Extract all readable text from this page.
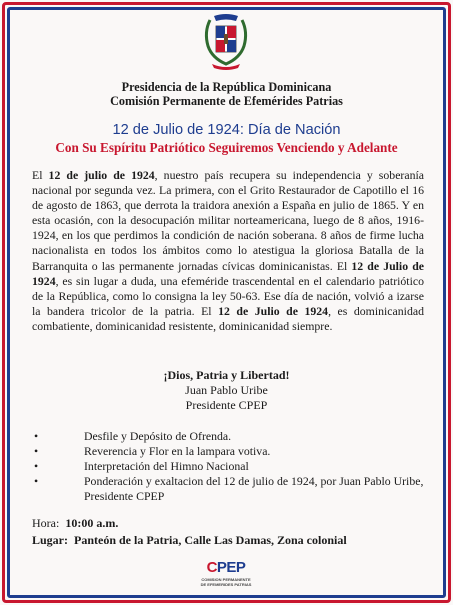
Presidencia de la República Dominicana
Comisión Permanente de Efemérides Patrias
12 de Julio de 1924: Día de Nación
Con Su Espíritu Patriótico Seguiremos Venciendo y Adelante
El 12 de julio de 1924, nuestro país recupera su independencia y soberanía nacional por segunda vez. La primera, con el Grito Restaurador de Capotillo el 16 de agosto de 1863, que derrota la traidora anexión a España en julio de 1865. Y en esta ocasión, con la desocupación militar norteamericana, luego de 8 años, 1916-1924, en los que perdimos la condición de nación soberana. 8 años de firme lucha nacionalista en todos los ámbitos como lo atestigua la gloriosa Batalla de la Barranquita o las permanente jornadas cívicas dominicanistas. El 12 de Julio de 1924, es sin lugar a duda, una efeméride trascendental en el calendario patriótico de la República, como lo consigna la ley 50-63. Ese día de nación, volvió a izarse la bandera tricolor de la patria. El 12 de Julio de 1924, es dominicanidad combatiente, dominicanidad resistente, dominicanidad siempre.
¡Dios, Patria y Libertad!
Juan Pablo Uribe
Presidente CPEP
•	Desfile y Depósito de Ofrenda.
•	Reverencia y Flor en la lampara votiva.
•	Interpretación del Himno Nacional
•	Ponderación y exaltacion del 12 de julio de 1924, por Juan Pablo Uribe, Presidente CPEP
Hora: 10:00 a.m.
Lugar: Panteón de la Patria, Calle Las Damas, Zona colonial
CPEP
COMISION PERMANENTE
DE EFEMERIDES PATRIAS
